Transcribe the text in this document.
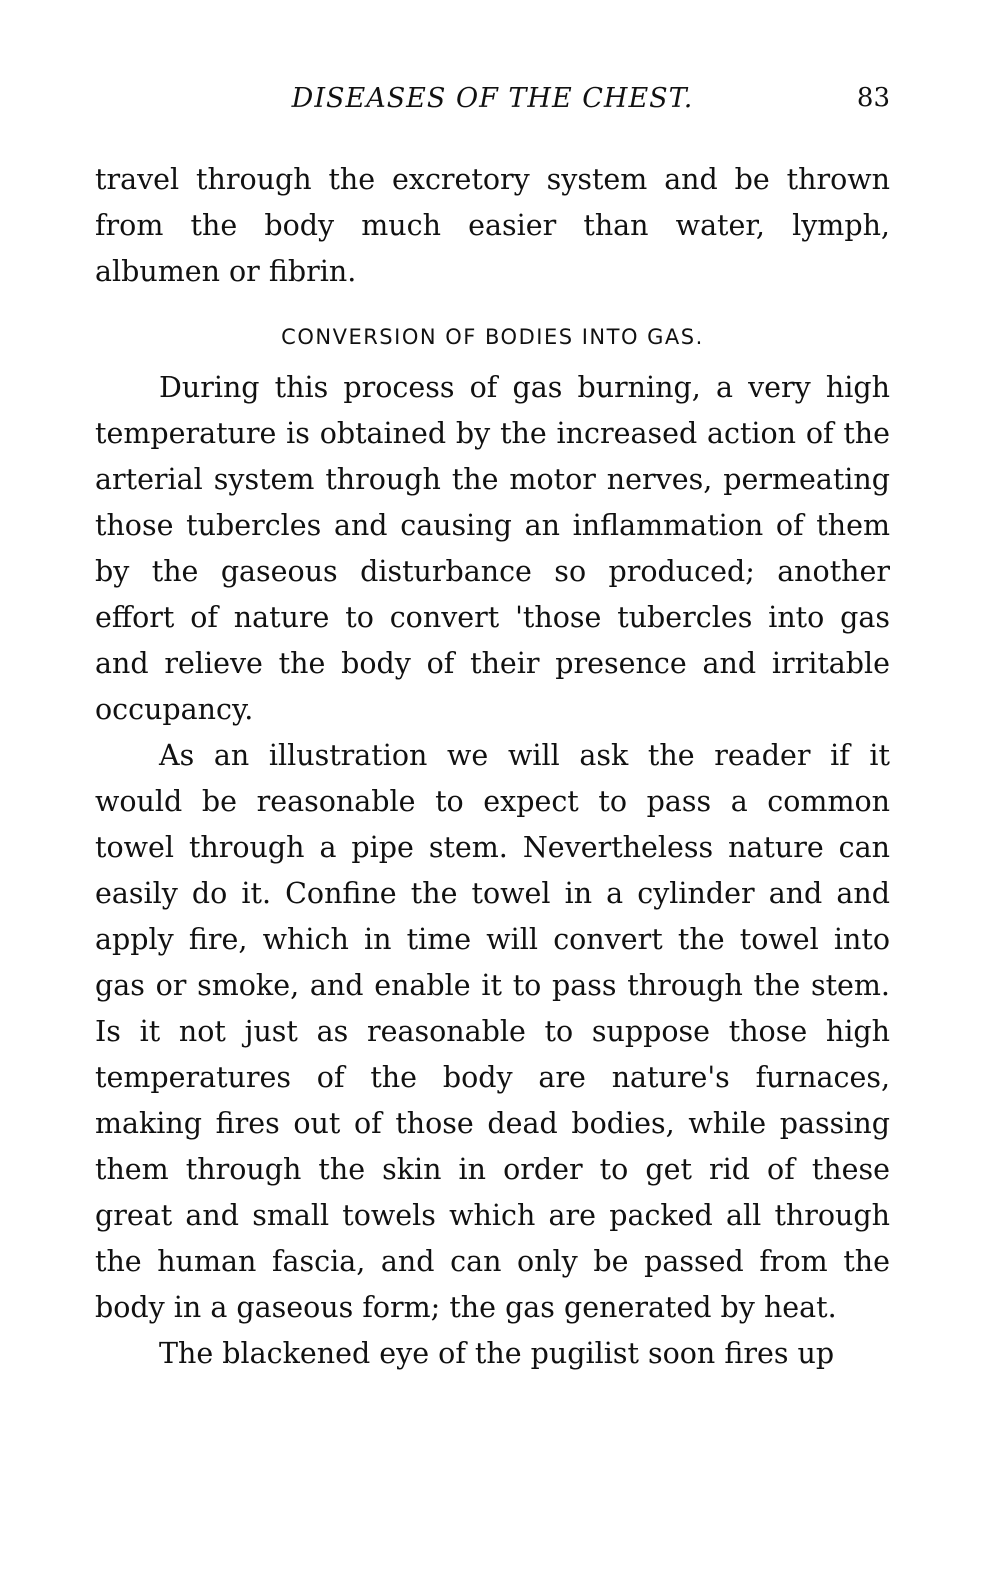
DISEASES OF THE CHEST.	83

travel through the excretory system and be thrown from the body much easier than water, lymph, albumen or fibrin.

CONVERSION OF BODIES INTO GAS.

During this process of gas burning, a very high temperature is obtained by the increased action of the arterial system through the motor nerves, permeating those tubercles and causing an inflammation of them by the gaseous disturbance so produced; another effort of nature to convert 'those tubercles into gas and relieve the body of their presence and irritable occupancy.

As an illustration we will ask the reader if it would be reasonable to expect to pass a common towel through a pipe stem. Nevertheless nature can easily do it. Confine the towel in a cylinder and and apply fire, which in time will convert the towel into gas or smoke, and enable it to pass through the stem. Is it not just as reasonable to suppose those high temperatures of the body are nature's furnaces, making fires out of those dead bodies, while passing them through the skin in order to get rid of these great and small towels which are packed all through the human fascia, and can only be passed from the body in a gaseous form; the gas generated by heat.

The blackened eye of the pugilist soon fires up
